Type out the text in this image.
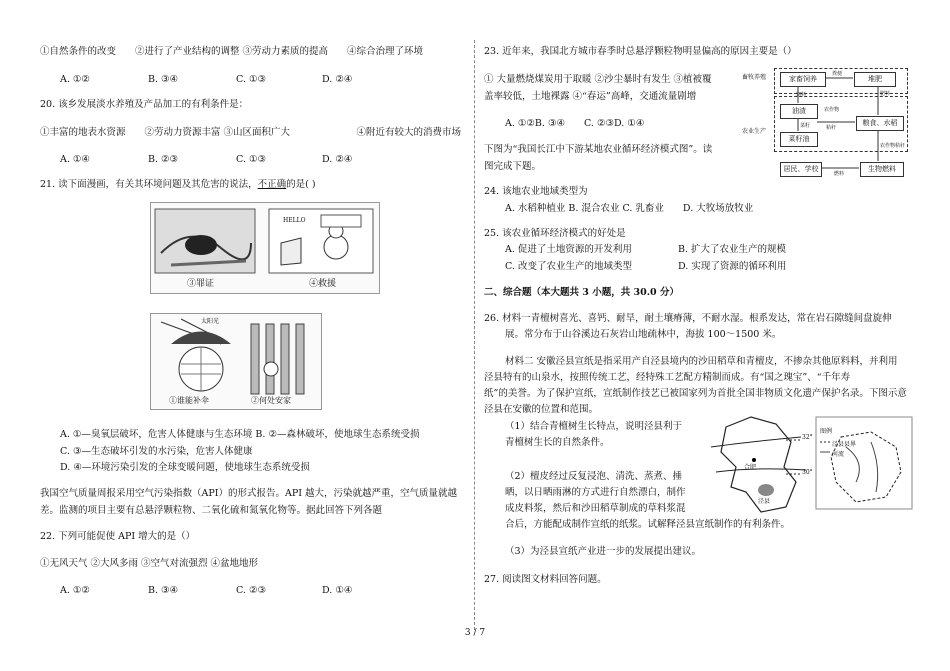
①自然条件的改变　　②进行了产业结构的调整 ③劳动力素质的提高　　④综合治理了环境
A. ①②	B. ③④	C. ①③	D. ②④
20. 该乡发展淡水养殖及产品加工的有利条件是：
①丰富的地表水资源　　②劳动力资源丰富 ③山区面积广大　　　　　　　④附近有较大的消费市场
A. ①④	B. ②③	C. ①③	D. ②④
21. 读下面漫画，有关其环境问题及其危害的说法，不正确的是( )
HELLO
③罪证	④救援
太阳光
①谁能补伞	②何处安家
A. ①—臭氧层破坏，危害人体健康与生态环境 B. ②—森林破坏，使地球生态系统受损
C. ③—生态破坏引发的水污染，危害人体健康
D. ④—环境污染引发的全球变暖问题，使地球生态系统受损
我国空气质量周报采用空气污染指数（API）的形式报告。API 越大，污染就越严重，空气质量就越
差。监测的项目主要有总悬浮颗粒物、二氧化硫和氮氧化物等。据此回答下列各题
22. 下列可能促使 API 增大的是（）
①无风天气 ②大风多雨 ③空气对流强烈 ④盆地地形
A. ①②	B. ③④	C. ②③	D. ①④
23. 近年来，我国北方城市春季时总悬浮颗粒物明显偏高的原因主要是（）
① 大量燃烧煤炭用于取暖 ②沙尘暴时有发生 ③植被覆
盖率较低，土地裸露 ④“春运”高峰，交通流量剧增
A. ①②B. ③④　　C. ②③D. ①④
下图为“我国长江中下游某地农业循环经济模式图”。读
图完成下题。
畜牧养殖
农业生产
家畜饲养	堆肥
油渣
菜籽油
粮食、水稻
居民、学校	生物燃料
饲料	肥料
农作物
秸秆
农作物秸秆
菜籽
燃料
粪便
24. 该地农业地域类型为
A. 水稻种植业 B. 混合农业 C. 乳畜业　　D. 大牧场放牧业
25. 该农业循环经济模式的好处是
A. 促进了土地资源的开发利用	B. 扩大了农业生产的规模
C. 改变了农业生产的地域类型	D. 实现了资源的循环利用
二、综合题（本大题共 3 小题，共 30.0 分）
26. 材料一青檀树喜光、喜钙、耐旱，耐土壤瘠薄，不耐水湿。根系发达，常在岩石隙缝间盘旋伸
展。常分布于山谷溪边石灰岩山地疏林中，海拔 100～1500 米。
材料二 安徽泾县宣纸是指采用产自泾县境内的沙田稻草和青檀皮，不掺杂其他原料料，并利用
泾县特有的山泉水，按照传统工艺，经特殊工艺配方精制而成。有“国之瑰宝”、“千年寿
纸”的美誉。为了保护宣纸，宣纸制作技艺已被国家列为首批全国非物质文化遗产保护名录。下图示意
泾县在安徽的位置和范围。
（1）结合青檀树生长特点，说明泾县利于
青檀树生长的自然条件。
（2）檀皮经过反复浸泡、清洗、蒸煮、捶
晒，以日晒雨淋的方式进行自然漂白，制作
成皮料浆，然后和沙田稻草制成的草料浆混
合后，方能配成制作宣纸的纸浆。试解释泾县宣纸制作的有利条件。
（3）为泾县宣纸产业进一步的发展提出建议。
27. 阅读图文材料回答问题。
32°
30°
合肥
泾县
图例
泾县县界
河流
3 / 7
